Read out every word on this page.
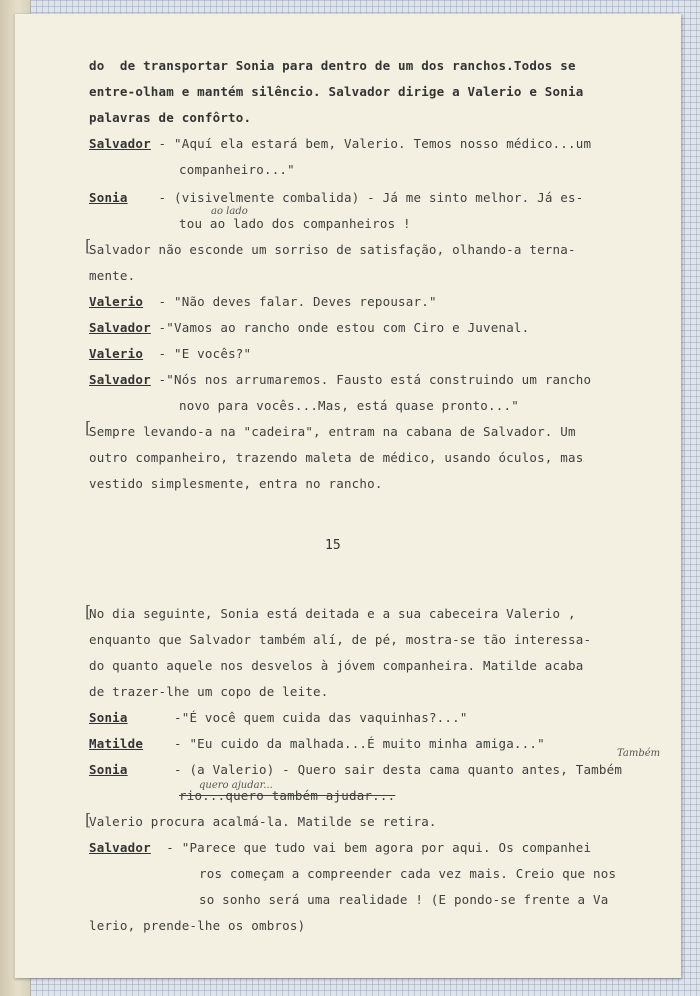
do  de transportar Sonia para dentro de um dos ranchos.Todos se

entre-olham e mantém silêncio. Salvador dirige a Valerio e Sonia

palavras de confôrto.

Salvador - "Aquí ela estará bem, Valerio. Temos nosso médico...um

companheiro..."

Sonia - (visivelmente combalida) - Já me sinto melhor. Já es-

ao lado

tou ao lado dos companheiros !

Salvador não esconde um sorriso de satisfação, olhando-a terna-

mente.

Valerio - "Não deves falar. Deves repousar."

Salvador -"Vamos ao rancho onde estou com Ciro e Juvenal.

Valerio - "E vocês?"

Salvador -"Nós nos arrumaremos. Fausto está construindo um rancho

novo para vocês...Mas, está quase pronto..."

Sempre levando-a na "cadeira", entram na cabana de Salvador. Um

outro companheiro, trazendo maleta de médico, usando óculos, mas

vestido simplesmente, entra no rancho.

15

No dia seguinte, Sonia está deitada e a sua cabeceira Valerio ,

enquanto que Salvador também alí, de pé, mostra-se tão interessa-

do quanto aquele nos desvelos à jóvem companheira. Matilde acaba

de trazer-lhe um copo de leite.

Sonia	-"É você quem cuida das vaquinhas?..."

Matilde - "Eu cuido da malhada...É muito minha amiga..."

Sonia	- (a Valerio) - Quero sair desta cama quanto antes, Também

Também
quero ajudar...

rio...quero também ajudar...

Valerio procura acalmá-la. Matilde se retira.

Salvador - "Parece que tudo vai bem agora por aqui. Os companhei

ros começam a compreender cada vez mais. Creio que nos

so sonho será uma realidade ! (E pondo-se frente a Va

lerio, prende-lhe os ombros)

[
[
[
[
